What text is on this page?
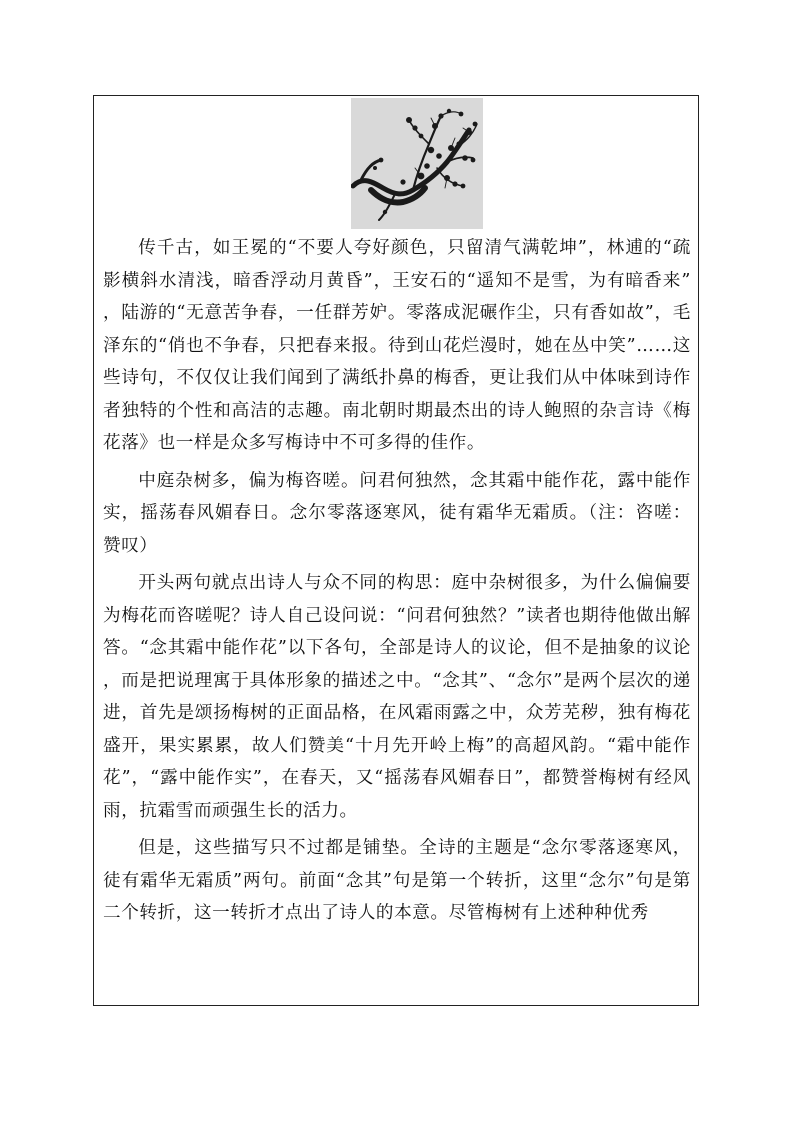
传千古，如王冕的“不要人夸好颜色，只留清气满乾坤”，林逋的“疏影横斜水清浅，暗香浮动月黄昏”，王安石的“遥知不是雪，为有暗香来”，陆游的“无意苦争春，一任群芳妒。零落成泥碾作尘，只有香如故”，毛泽东的“俏也不争春，只把春来报。待到山花烂漫时，她在丛中笑”……这些诗句，不仅仅让我们闻到了满纸扑鼻的梅香，更让我们从中体味到诗作者独特的个性和高洁的志趣。南北朝时期最杰出的诗人鲍照的杂言诗《梅花落》也一样是众多写梅诗中不可多得的佳作。

中庭杂树多，偏为梅咨嗟。问君何独然，念其霜中能作花，露中能作实，摇荡春风媚春日。念尔零落逐寒风，徒有霜华无霜质。（注：咨嗟：赞叹）

开头两句就点出诗人与众不同的构思：庭中杂树很多，为什么偏偏要为梅花而咨嗟呢？诗人自己设问说：“问君何独然？”读者也期待他做出解答。“念其霜中能作花”以下各句，全部是诗人的议论，但不是抽象的议论，而是把说理寓于具体形象的描述之中。“念其”、“念尔”是两个层次的递进，首先是颂扬梅树的正面品格，在风霜雨露之中，众芳芜秽，独有梅花盛开，果实累累，故人们赞美“十月先开岭上梅”的高超风韵。“霜中能作花”，“露中能作实”，在春天，又“摇荡春风媚春日”，都赞誉梅树有经风雨，抗霜雪而顽强生长的活力。

但是，这些描写只不过都是铺垫。全诗的主题是“念尔零落逐寒风，徒有霜华无霜质”两句。前面“念其”句是第一个转折，这里“念尔”句是第二个转折，这一转折才点出了诗人的本意。尽管梅树有上述种种优秀
